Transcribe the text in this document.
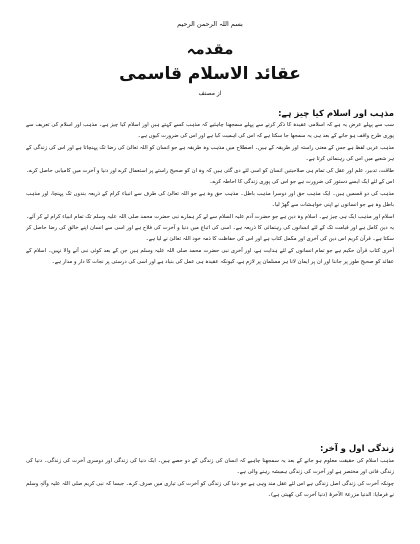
بسم اللہ الرحمن الرحیم
مقدمہ
عقائد الاسلام قاسمی
از مصنف
مذہب اور اسلام کیا چیز ہے:

سب سے پہلے عرض یہ ہے کہ اسلامی عقیدہ کا ذکر کرنے سے پہلے سمجھنا چاہئیے کہ مذہب کسے کہتے ہیں اور اسلام کیا چیز ہے۔ مذہب اور اسلام کی تعریف سے پوری طرح واقف ہو جانے کے بعد ہی یہ سمجھا جا سکتا ہے کہ اس کی اہمیت کیا ہے اور اس کی ضرورت کیوں ہے۔

مذہب عربی لفظ ہے جس کے معنی راستہ اور طریقہ کے ہیں۔ اصطلاح میں مذہب وہ طریقہ ہے جو انسان کو اللہ تعالیٰ کی رضا تک پہنچاتا ہے اور اس کی زندگی کے ہر شعبے میں اس کی رہنمائی کرتا ہے۔

طاقت، تدبیر، علم اور عقل کی تمام ہی صلاحیتیں انسان کو اسی لئے دی گئی ہیں کہ وہ ان کو صحیح راستے پر استعمال کرے اور دنیا و آخرت میں کامیابی حاصل کرے۔ اس کے لئے ایک ایسے دستور کی ضرورت ہے جو اس کی پوری زندگی کا احاطہ کرے۔

مذہب کی دو قسمیں ہیں۔ ایک مذہب حق اور دوسرا مذہب باطل۔ مذہب حق وہ ہے جو اللہ تعالیٰ کی طرف سے انبیاء کرام کے ذریعہ بندوں تک پہنچا، اور مذہب باطل وہ ہے جو انسانوں نے اپنی خواہشات سے گھڑ لیا۔

اسلام اور مذہب ایک ہی چیز ہے۔ اسلام وہ دین ہے جو حضرت آدم علیہ السلام سے لے کر ہمارے نبی حضرت محمد صلی اللہ علیہ وسلم تک تمام انبیاء کرام لے کر آئے۔ یہ دین کامل ہے اور قیامت تک کے لئے انسانوں کی رہنمائی کا ذریعہ ہے۔ اسی کی اتباع میں دنیا و آخرت کی فلاح ہے اور اسی سے انسان اپنے خالق کی رضا حاصل کر سکتا ہے۔ قرآن کریم اس دین کی آخری اور مکمل کتاب ہے اور اس کی حفاظت کا ذمہ خود اللہ تعالیٰ نے لیا ہے۔

آخری کتاب قرآن حکیم ہے جو تمام انسانوں کے لئے ہدایت ہے، اور آخری نبی حضرت محمد صلی اللہ علیہ وسلم ہیں جن کے بعد کوئی نبی آنے والا نہیں۔ اسلام کے عقائد کو صحیح طور پر جاننا اور ان پر ایمان لانا ہر مسلمان پر لازم ہے، کیونکہ عقیدہ ہی عمل کی بنیاد ہے اور اسی کی درستی پر نجات کا دار و مدار ہے۔

زندگی اول و آخر:

مذہب اسلام کی حقیقت معلوم ہو جانے کے بعد یہ سمجھنا چاہیے کہ انسان کی زندگی کے دو حصے ہیں۔ ایک دنیا کی زندگی اور دوسری آخرت کی زندگی۔ دنیا کی زندگی فانی اور مختصر ہے اور آخرت کی زندگی ہمیشہ رہنے والی ہے۔

چونکہ آخرت کی زندگی اصل زندگی ہے اس لئے عقل مند وہی ہے جو دنیا کی زندگی کو آخرت کی تیاری میں صرف کرے۔ جیسا کہ نبی کریم صلی اللہ علیہ وآلہٖ وسلم نے فرمایا: الدنیا مزرعۃ الآخرۃ (دنیا آخرت کی کھیتی ہے)۔
